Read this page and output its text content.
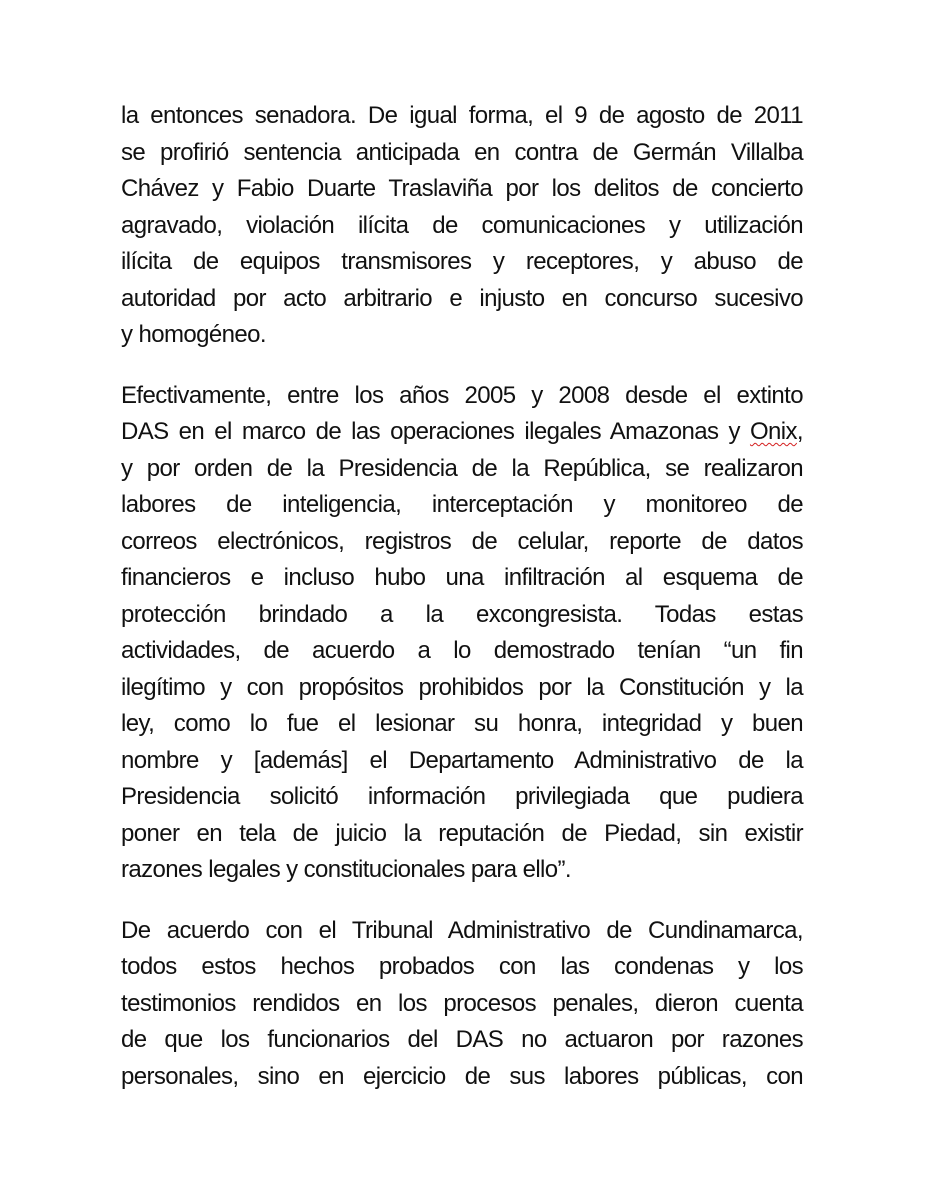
la entonces senadora. De igual forma, el 9 de agosto de 2011
se profirió sentencia anticipada en contra de Germán Villalba
Chávez y Fabio Duarte Traslaviña por los delitos de concierto
agravado, violación ilícita de comunicaciones y utilización
ilícita de equipos transmisores y receptores, y abuso de
autoridad por acto arbitrario e injusto en concurso sucesivo
y homogéneo.
Efectivamente, entre los años 2005 y 2008 desde el extinto
DAS en el marco de las operaciones ilegales Amazonas y Onix,
y por orden de la Presidencia de la República, se realizaron
labores de inteligencia, interceptación y monitoreo de
correos electrónicos, registros de celular, reporte de datos
financieros e incluso hubo una infiltración al esquema de
protección brindado a la excongresista. Todas estas
actividades, de acuerdo a lo demostrado tenían “un fin
ilegítimo y con propósitos prohibidos por la Constitución y la
ley, como lo fue el lesionar su honra, integridad y buen
nombre y [además] el Departamento Administrativo de la
Presidencia solicitó información privilegiada que pudiera
poner en tela de juicio la reputación de Piedad, sin existir
razones legales y constitucionales para ello”.
De acuerdo con el Tribunal Administrativo de Cundinamarca,
todos estos hechos probados con las condenas y los
testimonios rendidos en los procesos penales, dieron cuenta
de que los funcionarios del DAS no actuaron por razones
personales, sino en ejercicio de sus labores públicas, con
